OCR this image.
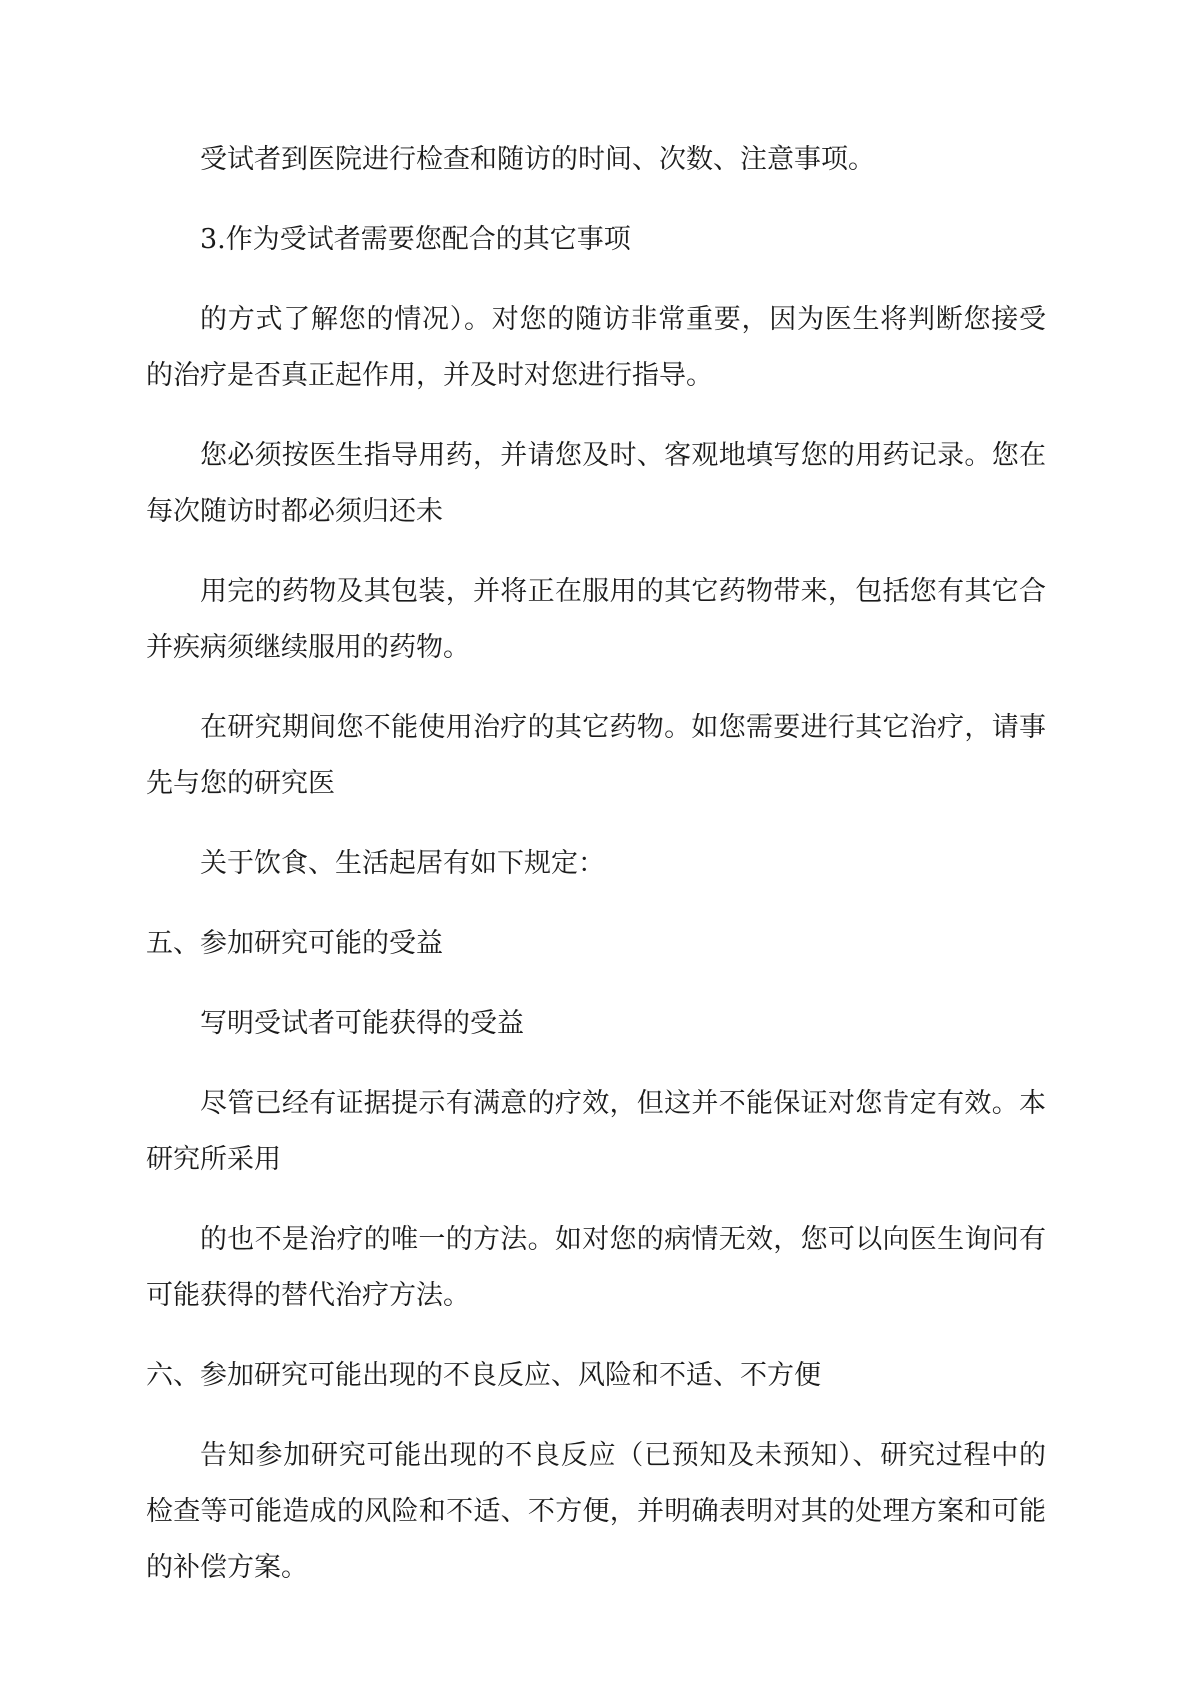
受试者到医院进行检查和随访的时间、次数、注意事项。

3.作为受试者需要您配合的其它事项

的方式了解您的情况）。对您的随访非常重要，因为医生将判断您接受的治疗是否真正起作用，并及时对您进行指导。

您必须按医生指导用药，并请您及时、客观地填写您的用药记录。您在每次随访时都必须归还未

用完的药物及其包装，并将正在服用的其它药物带来，包括您有其它合并疾病须继续服用的药物。

在研究期间您不能使用治疗的其它药物。如您需要进行其它治疗，请事先与您的研究医

关于饮食、生活起居有如下规定：

五、参加研究可能的受益

写明受试者可能获得的受益

尽管已经有证据提示有满意的疗效，但这并不能保证对您肯定有效。本研究所采用

的也不是治疗的唯一的方法。如对您的病情无效，您可以向医生询问有可能获得的替代治疗方法。

六、参加研究可能出现的不良反应、风险和不适、不方便

告知参加研究可能出现的不良反应（已预知及未预知）、研究过程中的检查等可能造成的风险和不适、不方便，并明确表明对其的处理方案和可能的补偿方案。
